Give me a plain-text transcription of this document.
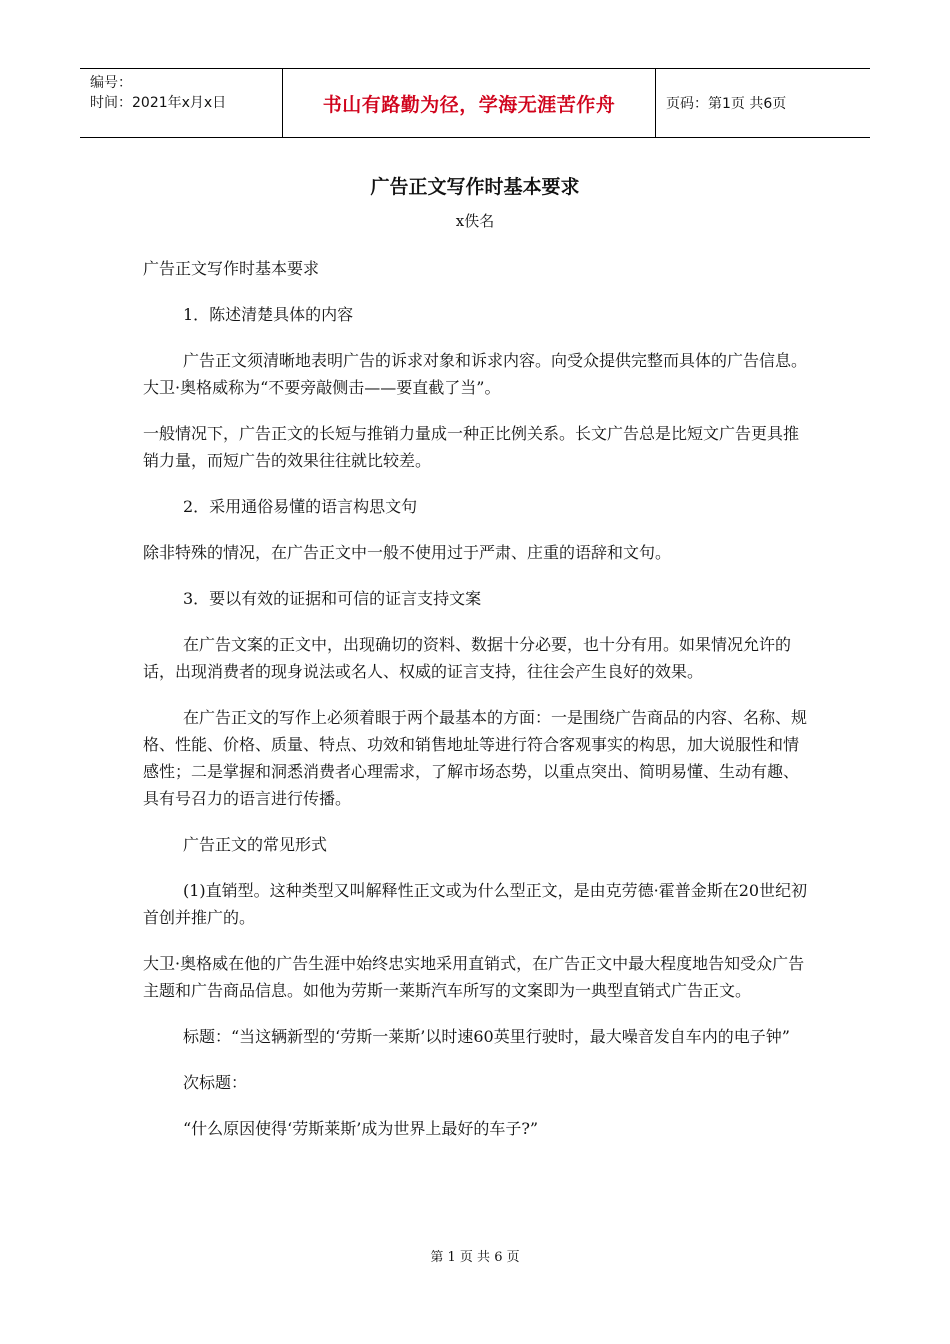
编号：
时间：2021年x月x日	书山有路勤为径，学海无涯苦作舟	页码：第1页 共6页
广告正文写作时基本要求
x佚名

广告正文写作时基本要求

1．陈述清楚具体的内容

广告正文须清晰地表明广告的诉求对象和诉求内容。向受众提供完整而具体的广告信息。大卫·奥格威称为“不要旁敲侧击——要直截了当”。

一般情况下，广告正文的长短与推销力量成一种正比例关系。长文广告总是比短文广告更具推销力量，而短广告的效果往往就比较差。

2．采用通俗易懂的语言构思文句

除非特殊的情况，在广告正文中一般不使用过于严肃、庄重的语辞和文句。

3．要以有效的证据和可信的证言支持文案

在广告文案的正文中，出现确切的资料、数据十分必要，也十分有用。如果情况允许的话，出现消费者的现身说法或名人、权威的证言支持，往往会产生良好的效果。

在广告正文的写作上必须着眼于两个最基本的方面：一是围绕广告商品的内容、名称、规格、性能、价格、质量、特点、功效和销售地址等进行符合客观事实的构思，加大说服性和情感性；二是掌握和洞悉消费者心理需求，了解市场态势，以重点突出、简明易懂、生动有趣、具有号召力的语言进行传播。

广告正文的常见形式

(1)直销型。这种类型又叫解释性正文或为什么型正文，是由克劳德·霍普金斯在20世纪初首创并推广的。

大卫·奥格威在他的广告生涯中始终忠实地采用直销式，在广告正文中最大程度地告知受众广告主题和广告商品信息。如他为劳斯一莱斯汽车所写的文案即为一典型直销式广告正文。

标题：“当这辆新型的‘劳斯一莱斯’以时速60英里行驶时，最大噪音发自车内的电子钟”

次标题：

“什么原因使得‘劳斯莱斯’成为世界上最好的车子?”

第 1 页 共 6 页
